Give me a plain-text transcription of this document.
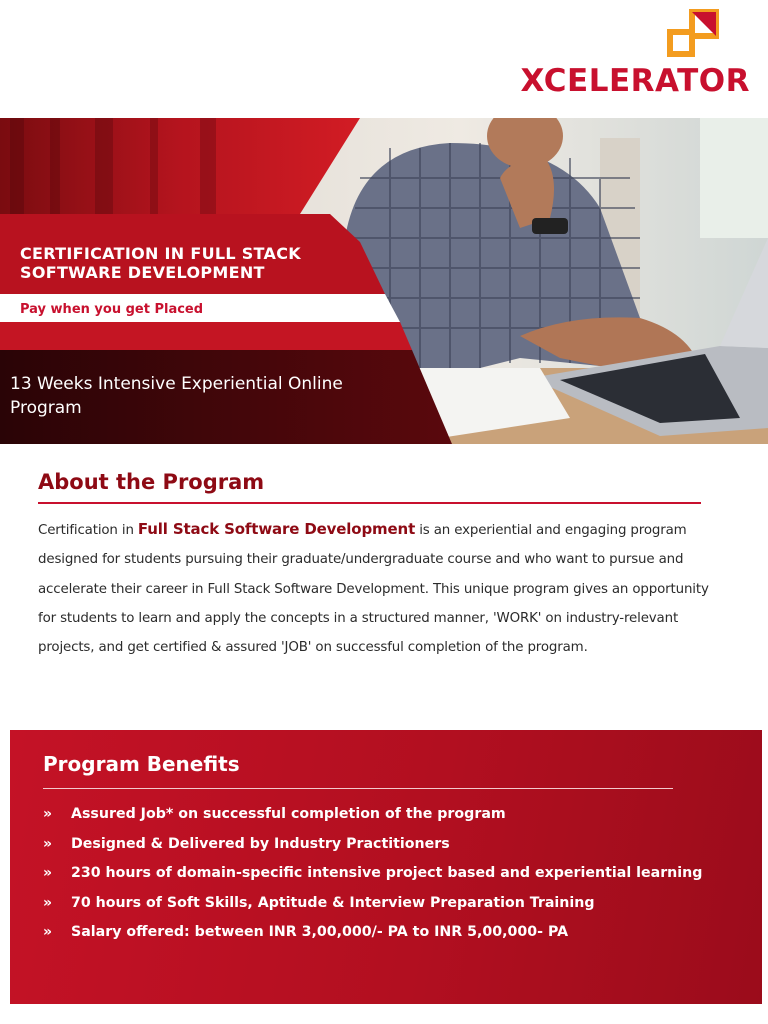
XCELERATOR
CERTIFICATION IN FULL STACK SOFTWARE DEVELOPMENT
Pay when you get Placed
13 Weeks Intensive Experiential Online Program
About the Program
Certification in Full Stack Software Development is an experiential and engaging program designed for students pursuing their graduate/undergraduate course and who want to pursue and accelerate their career in Full Stack Software Development. This unique program gives an opportunity for students to learn and apply the concepts in a structured manner, 'WORK' on industry-relevant projects, and get certified & assured 'JOB' on successful completion of the program.
Program Benefits
» Assured Job* on successful completion of the program
» Designed & Delivered by Industry Practitioners
» 230 hours of domain-specific intensive project based and experiential learning
» 70 hours of Soft Skills, Aptitude & Interview Preparation Training
» Salary offered: between INR 3,00,000/- PA to INR 5,00,000- PA
